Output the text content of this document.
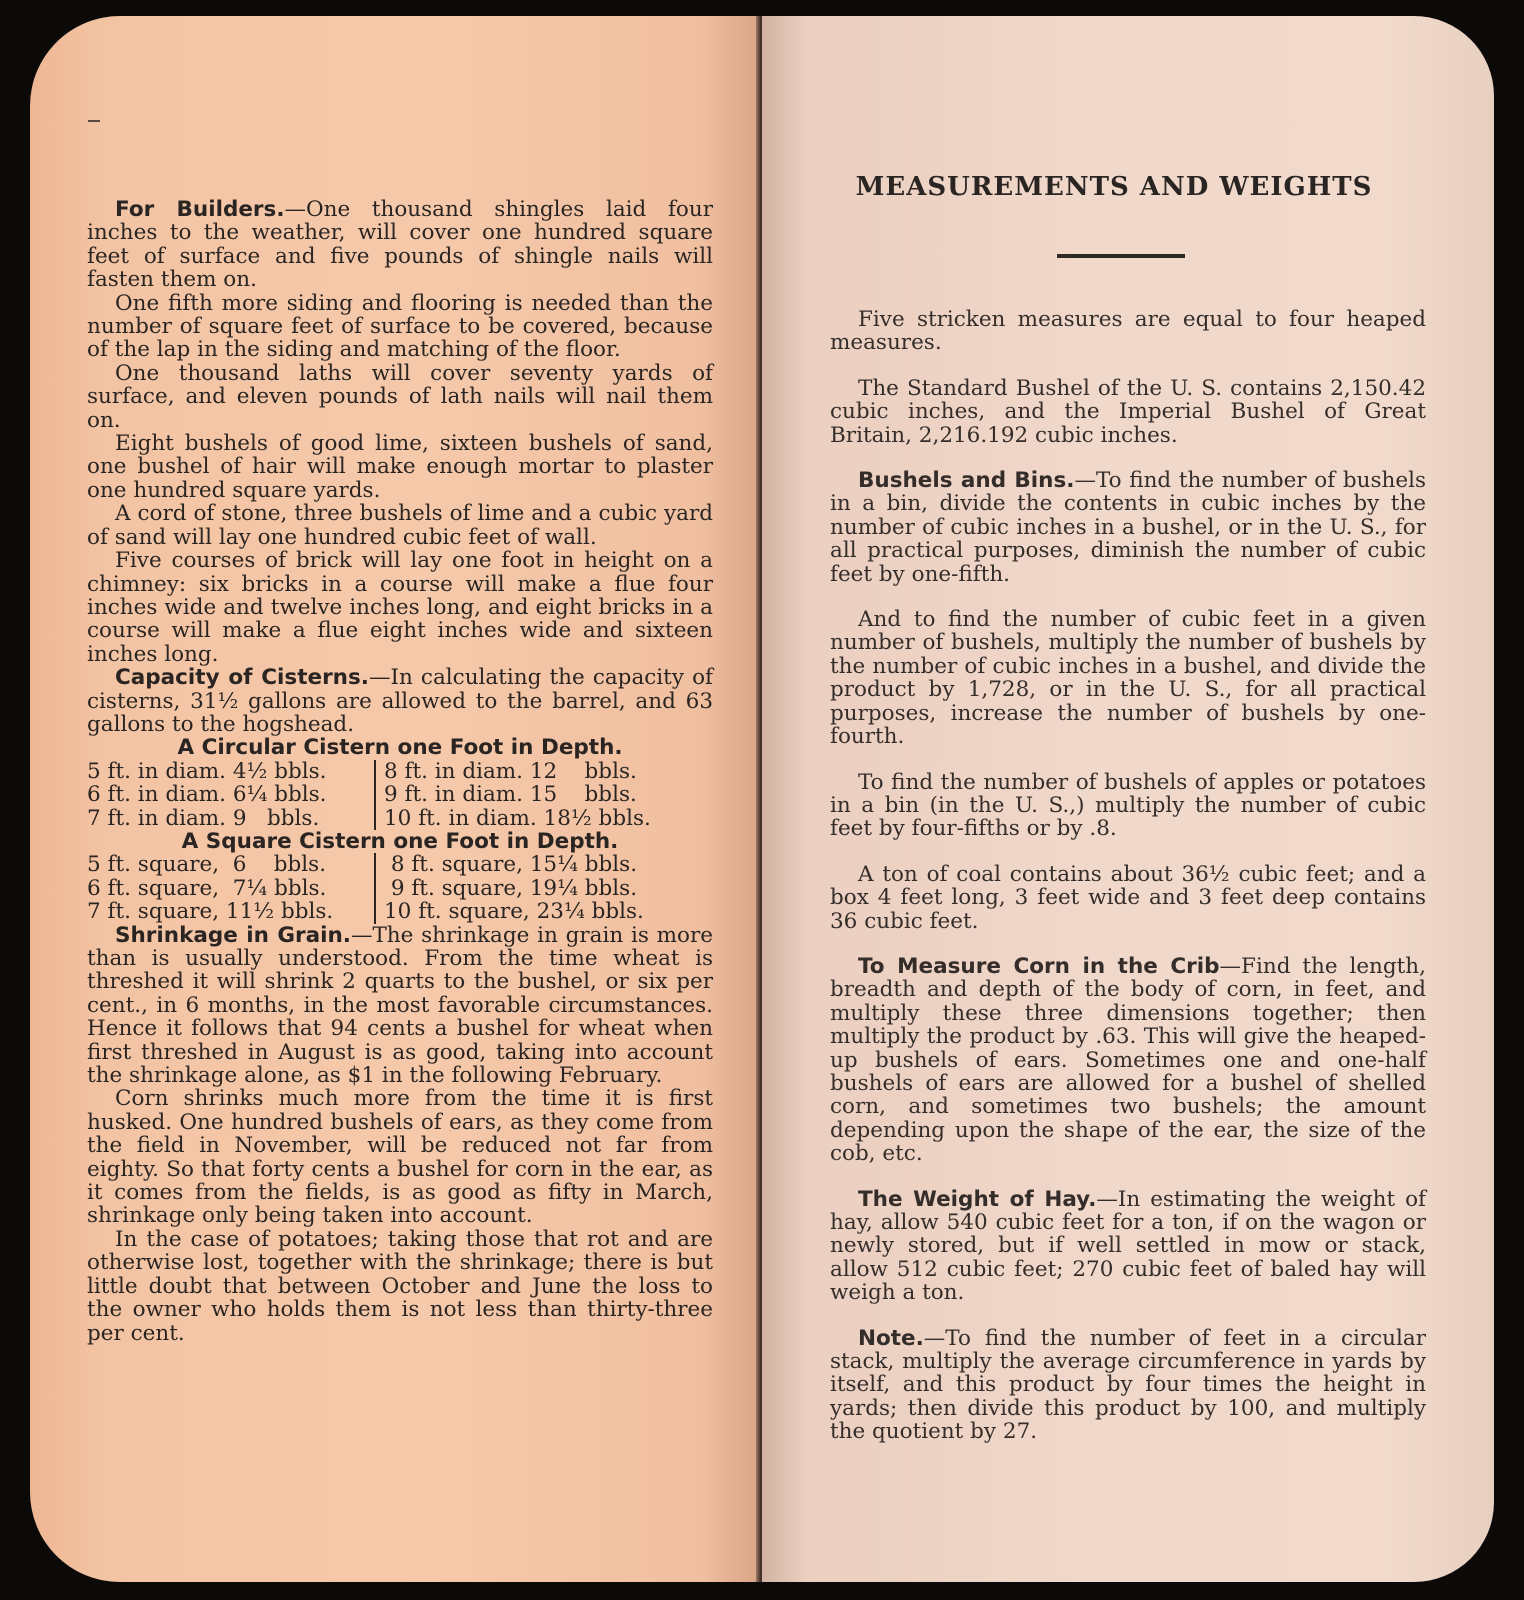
For Builders.—One thousand shingles laid four inches to the weather, will cover one hundred square feet of surface and five pounds of shingle nails will fasten them on.

One fifth more siding and flooring is needed than the number of square feet of surface to be covered, because of the lap in the siding and matching of the floor.

One thousand laths will cover seventy yards of surface, and eleven pounds of lath nails will nail them on.

Eight bushels of good lime, sixteen bushels of sand, one bushel of hair will make enough mortar to plaster one hundred square yards.

A cord of stone, three bushels of lime and a cubic yard of sand will lay one hundred cubic feet of wall.

Five courses of brick will lay one foot in height on a chimney: six bricks in a course will make a flue four inches wide and twelve inches long, and eight bricks in a course will make a flue eight inches wide and sixteen inches long.

Capacity of Cisterns.—In calculating the capacity of cisterns, 31½ gallons are allowed to the barrel, and 63 gallons to the hogshead.

A Circular Cistern one Foot in Depth.
5 ft. in diam. 4½ bbls.
6 ft. in diam. 6¼ bbls.
7 ft. in diam. 9   bbls.
8 ft. in diam. 12    bbls.
9 ft. in diam. 15    bbls.
10 ft. in diam. 18½ bbls.
A Square Cistern one Foot in Depth.
5 ft. square,  6    bbls.
6 ft. square,  7¼ bbls.
7 ft. square, 11½ bbls.
8 ft. square, 15¼ bbls.
9 ft. square, 19¼ bbls.
10 ft. square, 23¼ bbls.

Shrinkage in Grain.—The shrinkage in grain is more than is usually understood. From the time wheat is threshed it will shrink 2 quarts to the bushel, or six per cent., in 6 months, in the most favorable circumstances. Hence it follows that 94 cents a bushel for wheat when first threshed in August is as good, taking into account the shrinkage alone, as $1 in the following February.

Corn shrinks much more from the time it is first husked. One hundred bushels of ears, as they come from the field in November, will be reduced not far from eighty. So that forty cents a bushel for corn in the ear, as it comes from the fields, is as good as fifty in March, shrinkage only being taken into account.

In the case of potatoes; taking those that rot and are otherwise lost, together with the shrinkage; there is but little doubt that between October and June the loss to the owner who holds them is not less than thirty-three per cent.

MEASUREMENTS AND WEIGHTS

Five stricken measures are equal to four heaped measures.

The Standard Bushel of the U. S. contains 2,150.42 cubic inches, and the Imperial Bushel of Great Britain, 2,216.192 cubic inches.

Bushels and Bins.—To find the number of bushels in a bin, divide the contents in cubic inches by the number of cubic inches in a bushel, or in the U. S., for all practical purposes, diminish the number of cubic feet by one-fifth.

And to find the number of cubic feet in a given number of bushels, multiply the number of bushels by the number of cubic inches in a bushel, and divide the product by 1,728, or in the U. S., for all practical purposes, increase the number of bushels by one-fourth.

To find the number of bushels of apples or potatoes in a bin (in the U. S.,) multiply the number of cubic feet by four-fifths or by .8.

A ton of coal contains about 36½ cubic feet; and a box 4 feet long, 3 feet wide and 3 feet deep contains 36 cubic feet.

To Measure Corn in the Crib—Find the length, breadth and depth of the body of corn, in feet, and multiply these three dimensions together; then multiply the product by .63. This will give the heaped-up bushels of ears. Sometimes one and one-half bushels of ears are allowed for a bushel of shelled corn, and sometimes two bushels; the amount depending upon the shape of the ear, the size of the cob, etc.

The Weight of Hay.—In estimating the weight of hay, allow 540 cubic feet for a ton, if on the wagon or newly stored, but if well settled in mow or stack, allow 512 cubic feet; 270 cubic feet of baled hay will weigh a ton.

Note.—To find the number of feet in a circular stack, multiply the average circumference in yards by itself, and this product by four times the height in yards; then divide this product by 100, and multiply the quotient by 27.
